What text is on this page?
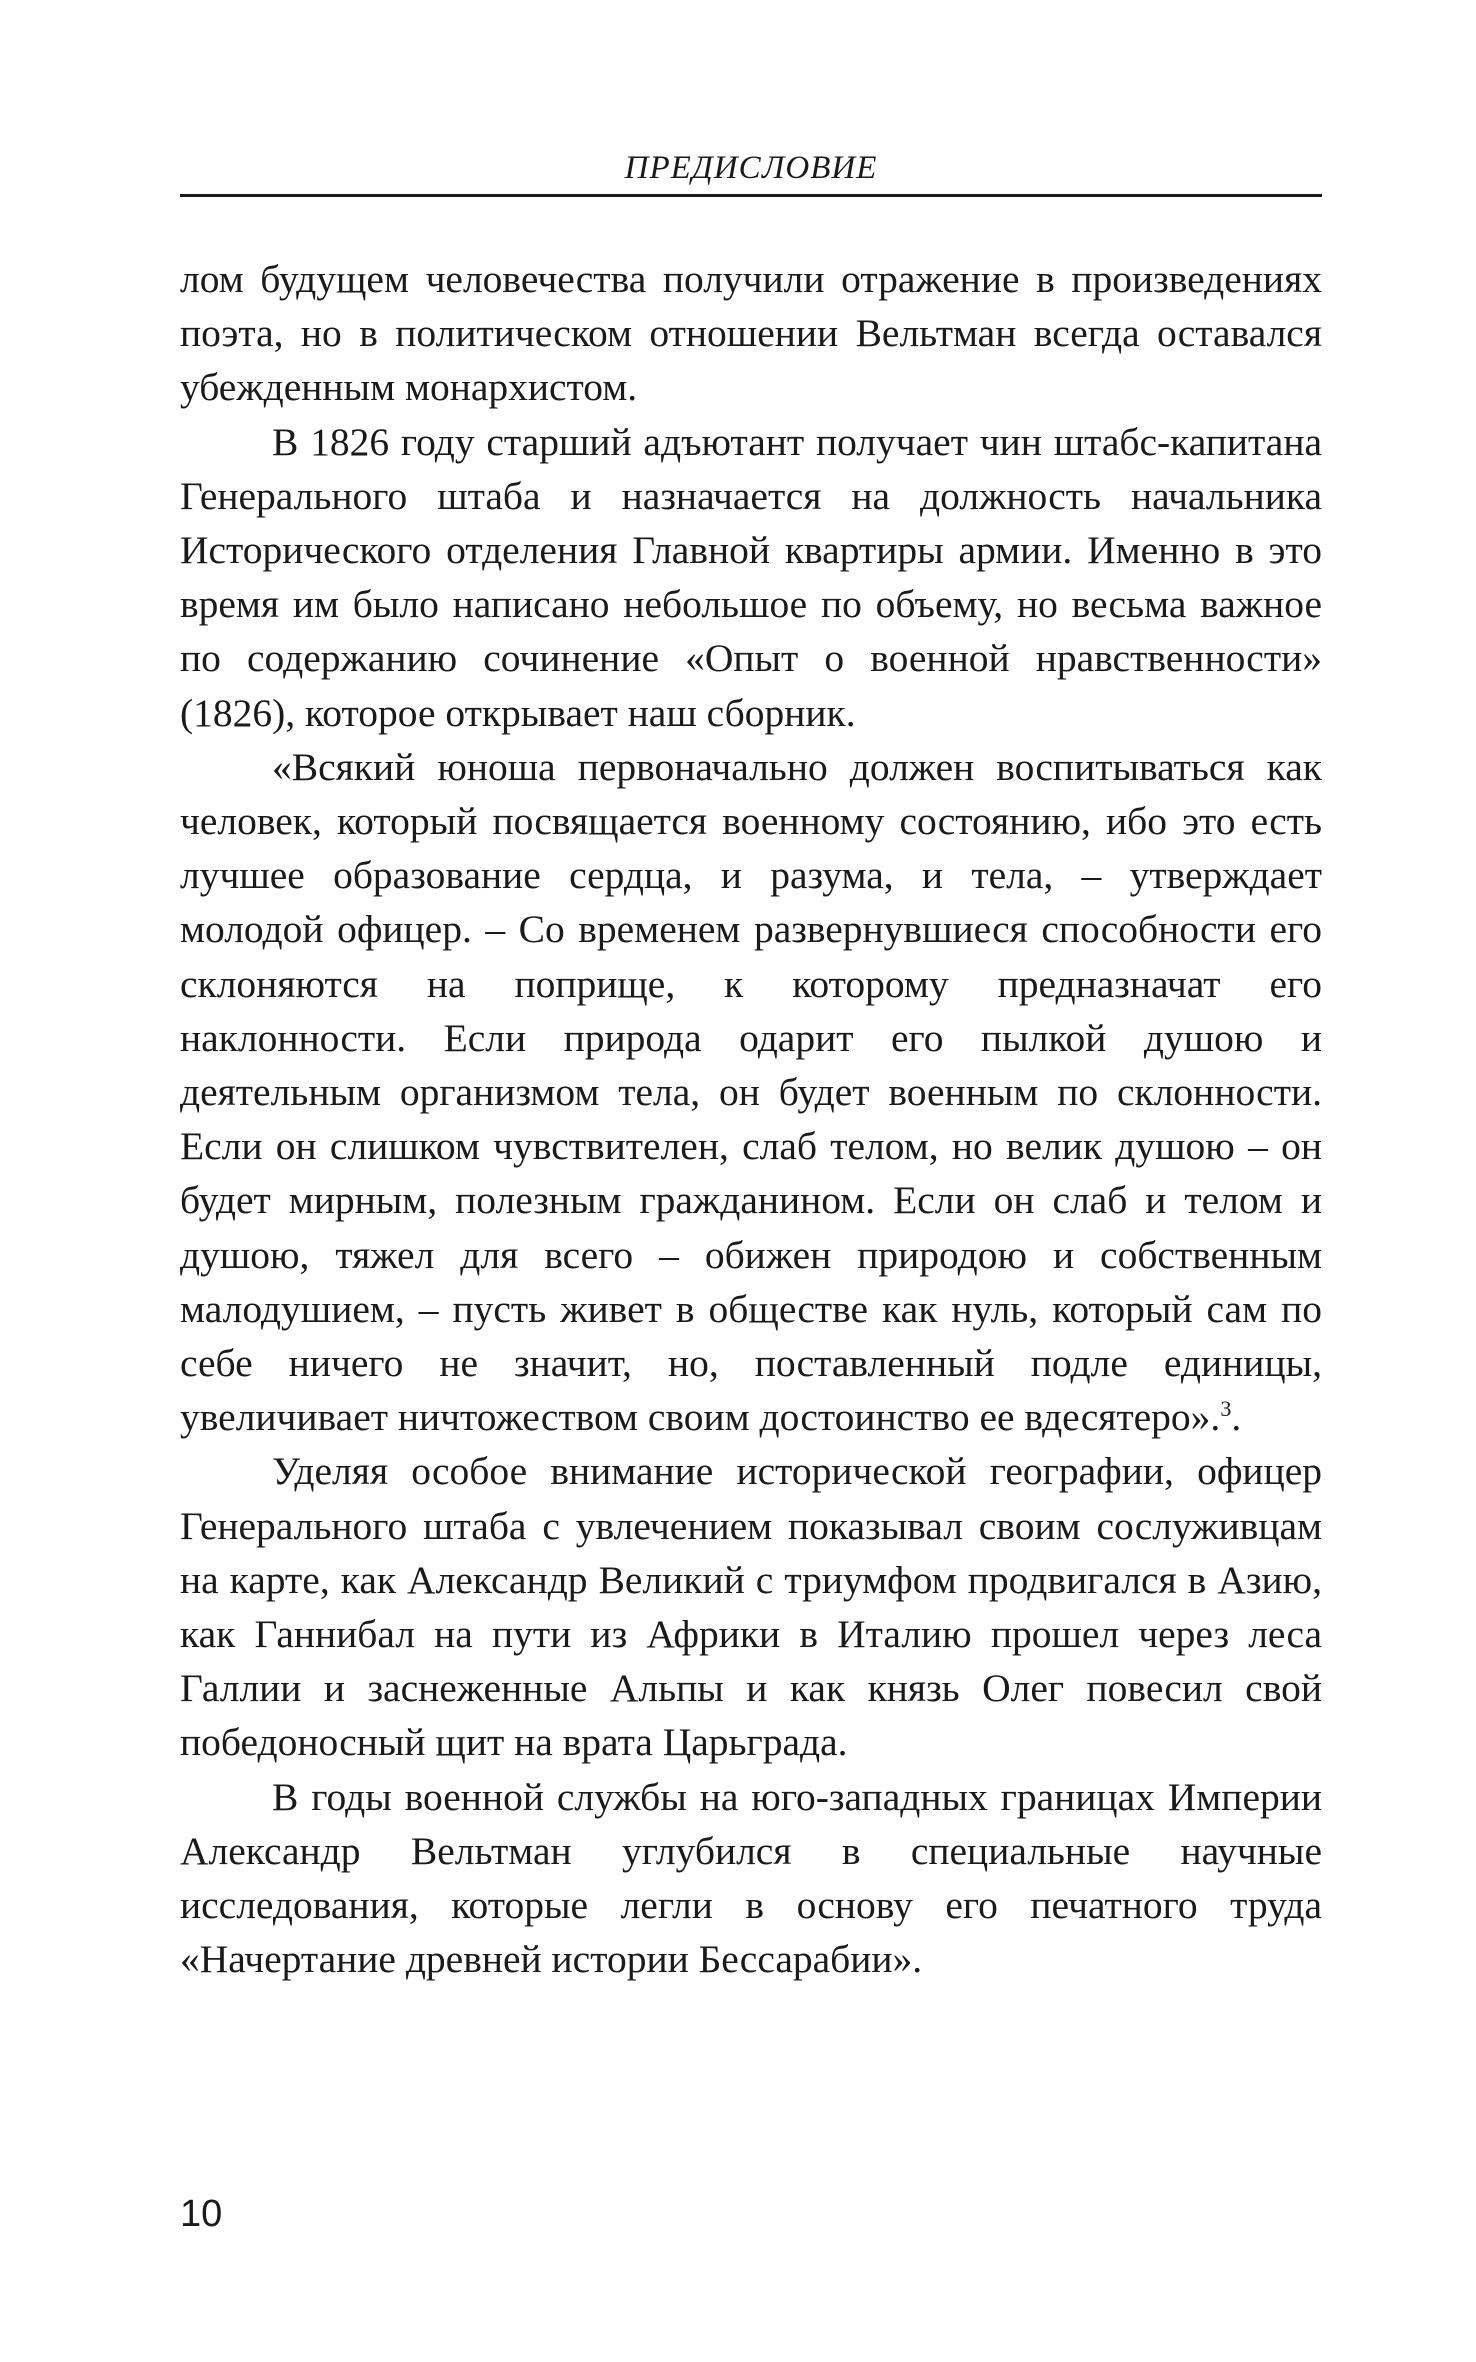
ПРЕДИСЛОВИЕ

лом будущем человечества получили отражение в произведениях поэта, но в политическом отношении Вельтман всегда оставался убежденным монархистом.

В 1826 году старший адъютант получает чин штабс-капитана Генерального штаба и назначается на должность начальника Исторического отделения Главной квартиры армии. Именно в это время им было написано небольшое по объему, но весьма важное по содержанию сочинение «Опыт о военной нравственности» (1826), которое открывает наш сборник.

«Всякий юноша первоначально должен воспитываться как человек, который посвящается военному состоянию, ибо это есть лучшее образование сердца, и разума, и тела, – утверждает молодой офицер. – Со временем развернувшиеся способности его склоняются на поприще, к которому предназначат его наклонности. Если природа одарит его пылкой душою и деятельным организмом тела, он будет военным по склонности. Если он слишком чувствителен, слаб телом, но велик душою – он будет мирным, полезным гражданином. Если он слаб и телом и душою, тяжел для всего – обижен природою и собственным малодушием, – пусть живет в обществе как нуль, который сам по себе ничего не значит, но, поставленный подле единицы, увеличивает ничтожеством своим достоинство ее вдесятеро».$^3$.

Уделяя особое внимание исторической географии, офицер Генерального штаба с увлечением показывал своим сослуживцам на карте, как Александр Великий с триумфом продвигался в Азию, как Ганнибал на пути из Африки в Италию прошел через леса Галлии и заснеженные Альпы и как князь Олег повесил свой победоносный щит на врата Царьграда.

В годы военной службы на юго-западных границах Империи Александр Вельтман углубился в специальные научные исследования, которые легли в основу его печатного труда «Начертание древней истории Бессарабии».

10
